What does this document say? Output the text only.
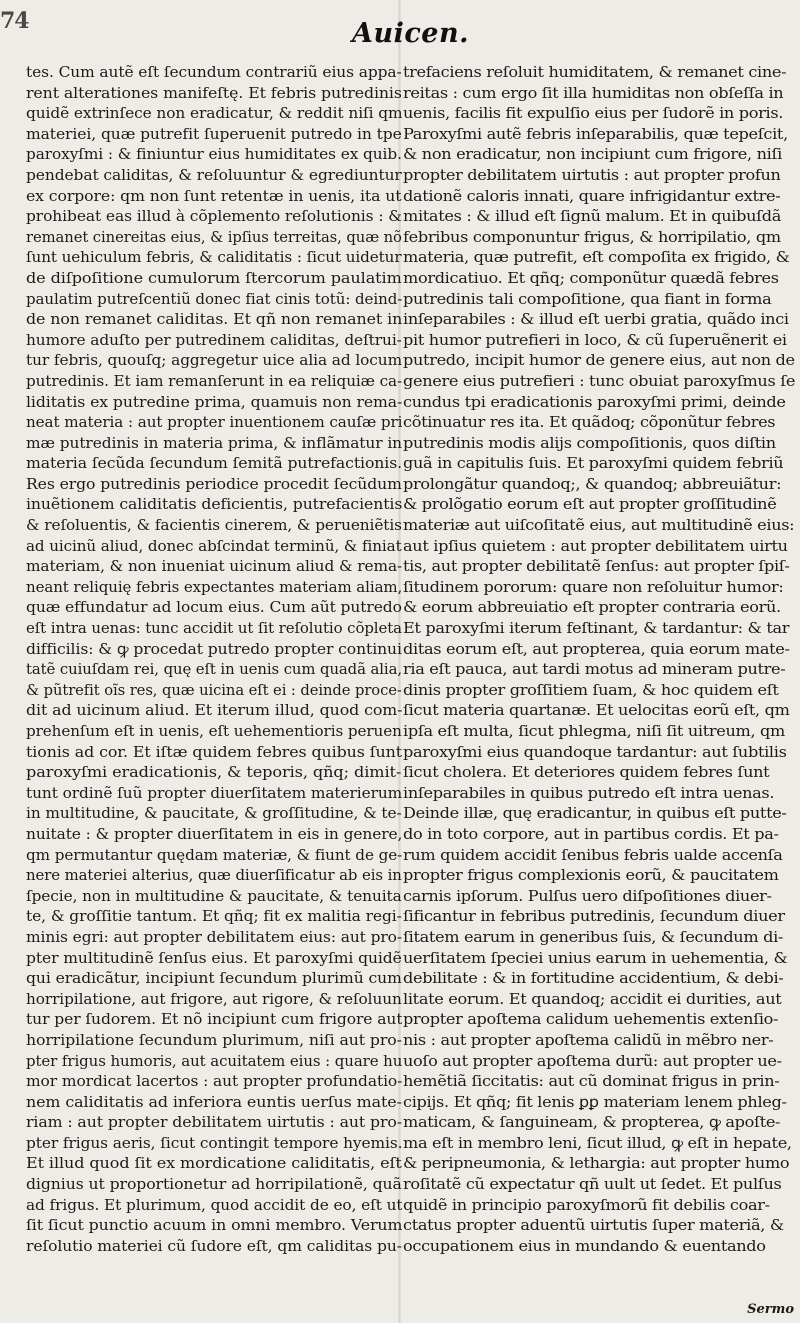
74	Auicen.
tes. Cum autẽ eſt ſecundum contrariũ eius appa-
rent alterationes manifeſtę. Et febris putredinis
quidẽ extrinſece non eradicatur, & reddit niſi qm
materiei, quæ putrefit ſuperuenit putredo in tpe
paroxyſmi : & finiuntur eius humiditates ex quib.
pendebat caliditas, & reſoluuntur & egrediuntur
ex corpore: qm non ſunt retentæ in uenis, ita ut
prohibeat eas illud à cõplemento reſolutionis : &
remanet cinereitas eius, & ipſius terreitas, quæ nõ
ſunt uehiculum febris, & caliditatis : ſicut uidetur
de diſpoſitione cumulorum ſtercorum paulatim
paulatim putreſcentiũ donec fiat cinis totũ: deind-
de non remanet caliditas. Et qñ non remanet in
humore aduſto per putredinem caliditas, deſtrui-
tur febris, quouſq; aggregetur uice alia ad locum
putredinis. Et iam remanſerunt in ea reliquiæ ca-
liditatis ex putredine prima, quamuis non rema-
neat materia : aut propter inuentionem cauſæ pri
mæ putredinis in materia prima, & inflãmatur in
materia ſecũda ſecundum ſemitã putrefactionis.
Res ergo putredinis periodice procedit ſecũdum
inuẽtionem caliditatis deficientis, putrefacientis
& reſoluentis, & facientis cinerem, & perueniẽtis
ad uicinũ aliud, donec abſcindat terminũ, & finiat
materiam, & non inueniat uicinum aliud & rema-
neant reliquię febris expectantes materiam aliam,
quæ effundatur ad locum eius. Cum aũt putredo
eſt intra uenas: tunc accidit ut ſit reſolutio cõpleta
difficilis: & ꝙ procedat putredo propter continui
tatẽ cuiuſdam rei, quę eſt in uenis cum quadã alia,
& pũtrefit oĩs res, quæ uicina eſt ei : deinde proce-
dit ad uicinum aliud. Et iterum illud, quod com-
prehenſum eſt in uenis, eſt uehementioris peruen
tionis ad cor. Et iſtæ quidem febres quibus ſunt
paroxyſmi eradicationis, & teporis, qñq; dimit-
tunt ordinẽ ſuũ propter diuerſitatem materierum
in multitudine, & paucitate, & groſſitudine, & te-
nuitate : & propter diuerſitatem in eis in genere,
qm permutantur quędam materiæ, & fiunt de ge-
nere materiei alterius, quæ diuerſificatur ab eis in
ſpecie, non in multitudine & paucitate, & tenuita
te, & groſſitie tantum. Et qñq; fit ex malitia regi-
minis egri: aut propter debilitatem eius: aut pro-
pter multitudinẽ ſenſus eius. Et paroxyſmi quidẽ
qui eradicãtur, incipiunt ſecundum plurimũ cum
horripilatione, aut frigore, aut rigore, & reſoluun
tur per ſudorem. Et nõ incipiunt cum frigore aut
horripilatione ſecundum plurimum, niſi aut pro-
pter frigus humoris, aut acuitatem eius : quare hu
mor mordicat lacertos : aut propter profundatio-
nem caliditatis ad inferiora euntis uerſus mate-
riam : aut propter debilitatem uirtutis : aut pro-
pter frigus aeris, ſicut contingit tempore hyemis.
Et illud quod ſit ex mordicatione caliditatis, eſt
dignius ut proportionetur ad horripilationẽ, quã
ad frigus. Et plurimum, quod accidit de eo, eſt ut
ſit ſicut punctio acuum in omni membro. Verum
reſolutio materiei cũ ſudore eſt, qm caliditas pu-
trefaciens reſoluit humiditatem, & remanet cine-
reitas : cum ergo ſit illa humiditas non obſeſſa in
uenis, facilis fit expulſio eius per ſudorẽ in poris.
Paroxyſmi autẽ febris inſeparabilis, quæ tepeſcit,
& non eradicatur, non incipiunt cum frigore, niſi
propter debilitatem uirtutis : aut propter profun
dationẽ caloris innati, quare infrigidantur extre-
mitates : & illud eſt ſignũ malum. Et in quibuſdã
febribus componuntur frigus, & horripilatio, qm
materia, quæ putrefit, eſt compoſita ex frigido, &
mordicatiuo. Et qñq; componũtur quædã febres
putredinis tali compoſitione, qua fiant in forma
inſeparabiles : & illud eſt uerbi gratia, quãdo inci
pit humor putrefieri in loco, & cũ ſuperuẽnerit ei
putredo, incipit humor de genere eius, aut non de
genere eius putrefieri : tunc obuiat paroxyſmus ſe
cundus tpi eradicationis paroxyſmi primi, deinde
cõtinuatur res ita. Et quãdoq; cõponũtur febres
putredinis modis alijs compoſitionis, quos diſtin
guã in capitulis ſuis. Et paroxyſmi quidem febriũ
prolongãtur quandoq;, & quandoq; abbreuiãtur:
& prolõgatio eorum eſt aut propter groſſitudinẽ
materiæ aut uiſcoſitatẽ eius, aut multitudinẽ eius:
aut ipſius quietem : aut propter debilitatem uirtu
tis, aut propter debilitatẽ ſenſus: aut propter ſpiſ-
ſitudinem pororum: quare non reſoluitur humor:
& eorum abbreuiatio eſt propter contraria eorũ.
Et paroxyſmi iterum feſtinant, & tardantur: & tar
ditas eorum eſt, aut propterea, quia eorum mate-
ria eſt pauca, aut tardi motus ad mineram putre-
dinis propter groſſitiem ſuam, & hoc quidem eſt
ſicut materia quartanæ. Et uelocitas eorũ eſt, qm
ipſa eſt multa, ſicut phlegma, niſi ſit uitreum, qm
paroxyſmi eius quandoque tardantur: aut ſubtilis
ſicut cholera. Et deteriores quidem febres ſunt
inſeparabiles in quibus putredo eſt intra uenas.
Deinde illæ, quę eradicantur, in quibus eſt putte-
do in toto corpore, aut in partibus cordis. Et pa-
rum quidem accidit ſenibus febris ualde accenſa
propter frigus complexionis eorũ, & paucitatem
carnis ipſorum. Pulſus uero diſpoſitiones diuer-
ſificantur in febribus putredinis, ſecundum diuer
ſitatem earum in generibus ſuis, & ſecundum di-
uerſitatem ſpeciei unius earum in uehementia, &
debilitate : & in fortitudine accidentium, & debi-
litate eorum. Et quandoq; accidit ei durities, aut
propter apoſtema calidum uehementis extenſio-
nis : aut propter apoſtema calidũ in mẽbro ner-
uoſo aut propter apoſtema durũ: aut propter ue-
hemẽtiã ſiccitatis: aut cũ dominat frigus in prin-
cipijs. Et qñq; fit lenis ꝑꝑ materiam lenem phleg-
maticam, & ſanguineam, & propterea, ꝙ apoſte-
ma eſt in membro leni, ſicut illud, ꝙ eſt in hepate,
& peripneumonia, & lethargia: aut propter humo
roſitatẽ cũ expectatur qñ uult ut ſedet. Et pulſus
quidẽ in principio paroxyſmorũ fit debilis coar-
ctatus propter aduentũ uirtutis ſuper materiã, &
occupationem eius in mundando & euentando
Sermo
